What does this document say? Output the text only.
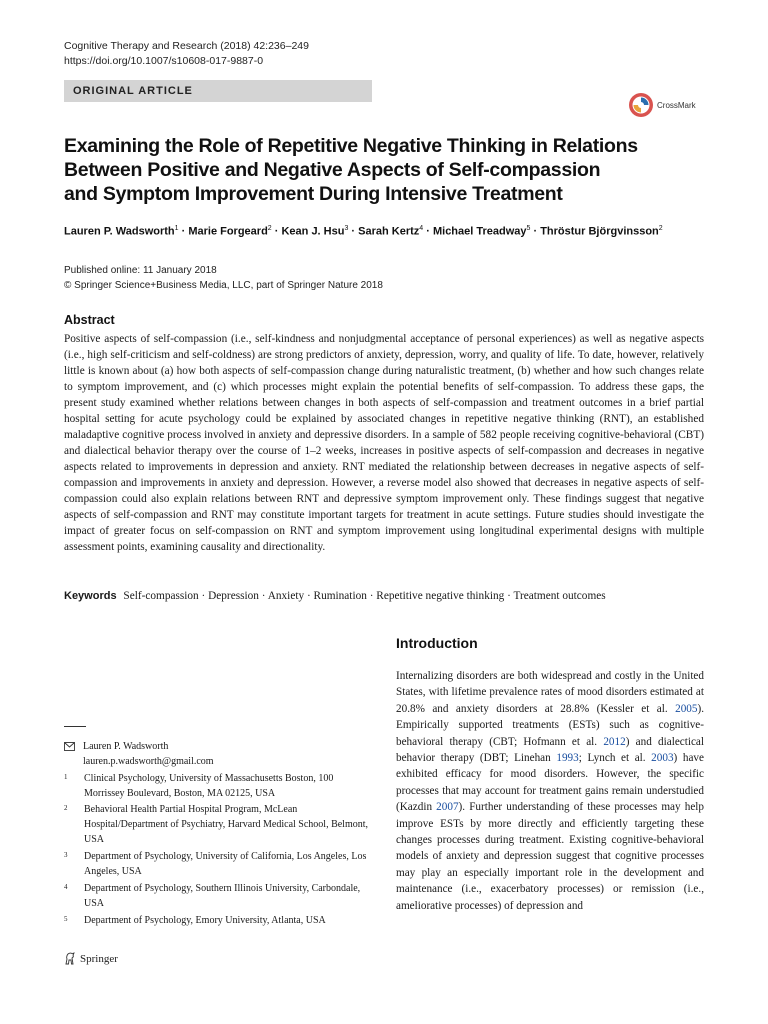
Cognitive Therapy and Research (2018) 42:236–249
https://doi.org/10.1007/s10608-017-9887-0
ORIGINAL ARTICLE
CrossMark
Examining the Role of Repetitive Negative Thinking in Relations
Between Positive and Negative Aspects of Self-compassion
and Symptom Improvement During Intensive Treatment
Lauren P. Wadsworth$^1$ · Marie Forgeard$^2$ · Kean J. Hsu$^3$ · Sarah Kertz$^4$ · Michael Treadway$^5$ · Thröstur Björgvinsson$^2$
Published online: 11 January 2018
© Springer Science+Business Media, LLC, part of Springer Nature 2018
Abstract
Positive aspects of self-compassion (i.e., self-kindness and nonjudgmental acceptance of personal experiences) as well as negative aspects (i.e., high self-criticism and self-coldness) are strong predictors of anxiety, depression, worry, and quality of life. To date, however, relatively little is known about (a) how both aspects of self-compassion change during naturalistic treatment, (b) whether and how such changes relate to symptom improvement, and (c) which processes might explain the potential benefits of self-compassion. To address these gaps, the present study examined whether relations between changes in both aspects of self-compassion and treatment outcomes in a brief partial hospital setting for acute psychology could be explained by associated changes in repetitive negative thinking (RNT), an established maladaptive cognitive process involved in anxiety and depressive disorders. In a sample of 582 people receiving cognitive-behavioral (CBT) and dialectical behavior therapy over the course of 1–2 weeks, increases in positive aspects of self-compassion and decreases in negative aspects related to improvements in depression and anxiety. RNT mediated the relationship between decreases in negative aspects of self-compassion and improvements in anxiety and depression. However, a reverse model also showed that decreases in negative aspects of self-compassion could also explain relations between RNT and depressive symptom improvement only. These findings suggest that negative aspects of self-compassion and RNT may constitute important targets for treatment in acute settings. Future studies should investigate the impact of greater focus on self-compassion on RNT and symptom improvement using longitudinal experimental designs with multiple assessment points, examining causality and directionality.
Keywords Self-compassion · Depression · Anxiety · Rumination · Repetitive negative thinking · Treatment outcomes
Introduction
Internalizing disorders are both widespread and costly in the United States, with lifetime prevalence rates of mood disorders estimated at 20.8% and anxiety disorders at 28.8% (Kessler et al. 2005). Empirically supported treatments (ESTs) such as cognitive-behavioral therapy (CBT; Hofmann et al. 2012) and dialectical behavior therapy (DBT; Linehan 1993; Lynch et al. 2003) have exhibited efficacy for mood disorders. However, the specific processes that may account for treatment gains remain understudied (Kazdin 2007). Further understanding of these processes may help improve ESTs by more directly and efficiently targeting these changes processes during treatment. Existing cognitive-behavioral models of anxiety and depression suggest that cognitive processes may play an especially important role in the development and maintenance (i.e., exacerbatory processes) or remission (i.e., ameliorative processes) of depression and
Lauren P. Wadsworth
lauren.p.wadsworth@gmail.com
1	Clinical Psychology, University of Massachusetts Boston, 100 Morrissey Boulevard, Boston, MA 02125, USA
2	Behavioral Health Partial Hospital Program, McLean Hospital/Department of Psychiatry, Harvard Medical School, Belmont, USA
3	Department of Psychology, University of California, Los Angeles, Los Angeles, USA
4	Department of Psychology, Southern Illinois University, Carbondale, USA
5	Department of Psychology, Emory University, Atlanta, USA
Springer
